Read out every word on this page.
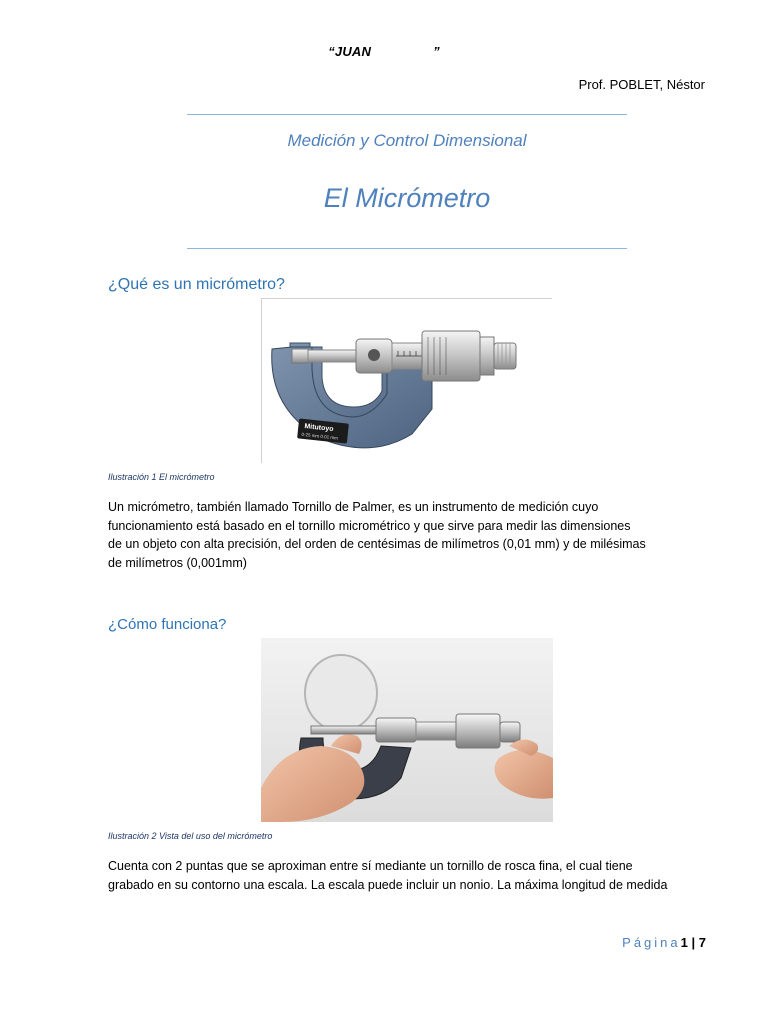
“JUAN	”
Prof. POBLET, Néstor
Medición y Control Dimensional
El Micrómetro
¿Qué es un micrómetro?
Mitutoyo
0-25 mm 0.01 mm
Ilustración 1 El micrómetro
Un micrómetro, también llamado Tornillo de Palmer, es un instrumento de medición cuyo
funcionamiento está basado en el tornillo micrométrico y que sirve para medir las dimensiones
de un objeto con alta precisión, del orden de centésimas de milímetros (0,01 mm) y de milésimas
de milímetros (0,001mm)
¿Cómo funciona?
Ilustración 2 Vista del uso del micrómetro
Cuenta con 2 puntas que se aproximan entre sí mediante un tornillo de rosca fina, el cual tiene
grabado en su contorno una escala. La escala puede incluir un nonio. La máxima longitud de medida
Página1 | 7
